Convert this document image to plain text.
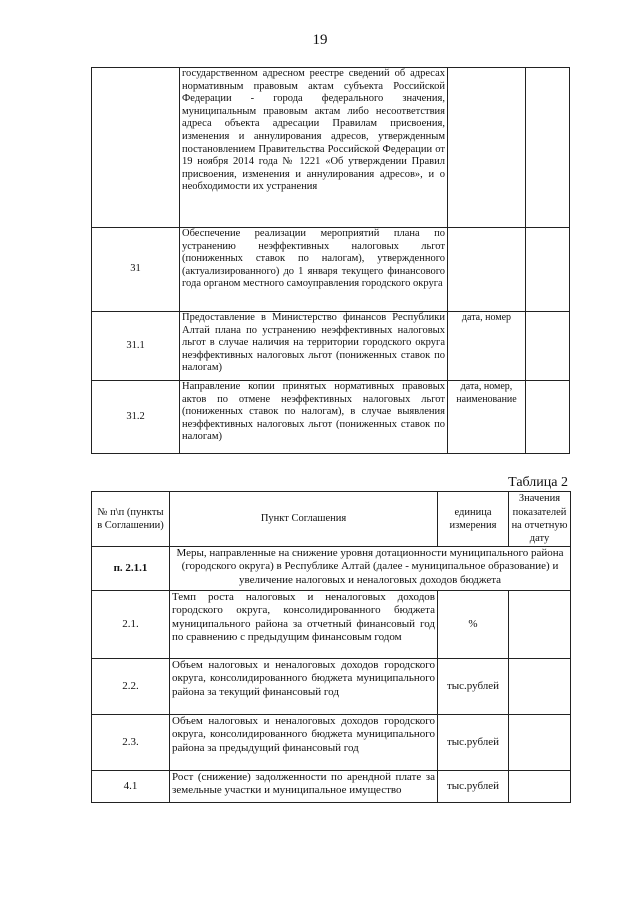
19
	государственном адресном реестре сведений об адресах нормативным правовым актам субъекта Российской Федерации - города федерального значения, муниципальным правовым актам либо несоответствия адреса объекта адресации Правилам присвоения, изменения и аннулирования адресов, утвержденным постановлением Правительства Российской Федерации от 19 ноября 2014 года № 1221 «Об утверждении Правил присвоения, изменения и аннулирования адресов», и о необходимости их устранения		
31	Обеспечение реализации мероприятий плана по устранению неэффективных налоговых льгот (пониженных ставок по налогам), утвержденного (актуализированного) до 1 января текущего финансового года органом местного самоуправления городского округа		
31.1	Предоставление в Министерство финансов Республики Алтай плана по устранению неэффективных налоговых льгот в случае наличия на территории городского округа неэффективных налоговых льгот (пониженных ставок по налогам)	дата, номер	
31.2	Направление копии принятых нормативных правовых актов по отмене неэффективных налоговых льгот (пониженных ставок по налогам), в случае выявления неэффективных налоговых льгот (пониженных ставок по налогам)	дата, номер, наименование	
Таблица 2
№ п\п (пункты в Соглашении)	Пункт Соглашения	единица измерения	Значения показателей на отчетную дату
п. 2.1.1	Меры, направленные на снижение уровня дотационности муниципального района (городского округа) в Республике Алтай (далее - муниципальное образование) и увеличение налоговых и неналоговых доходов бюджета		
2.1.	Темп роста налоговых и неналоговых доходов городского округа, консолидированного бюджета муниципального района за отчетный финансовый год по сравнению с предыдущим финансовым годом	%	
2.2.	Объем налоговых и неналоговых доходов городского округа, консолидированного бюджета муниципального района за текущий финансовый год	тыс.рублей	
2.3.	Объем налоговых и неналоговых доходов городского округа, консолидированного бюджета муниципального района за предыдущий финансовый год	тыс.рублей	
4.1	Рост (снижение) задолженности по арендной плате за земельные участки и муниципальное имущество	тыс.рублей	
